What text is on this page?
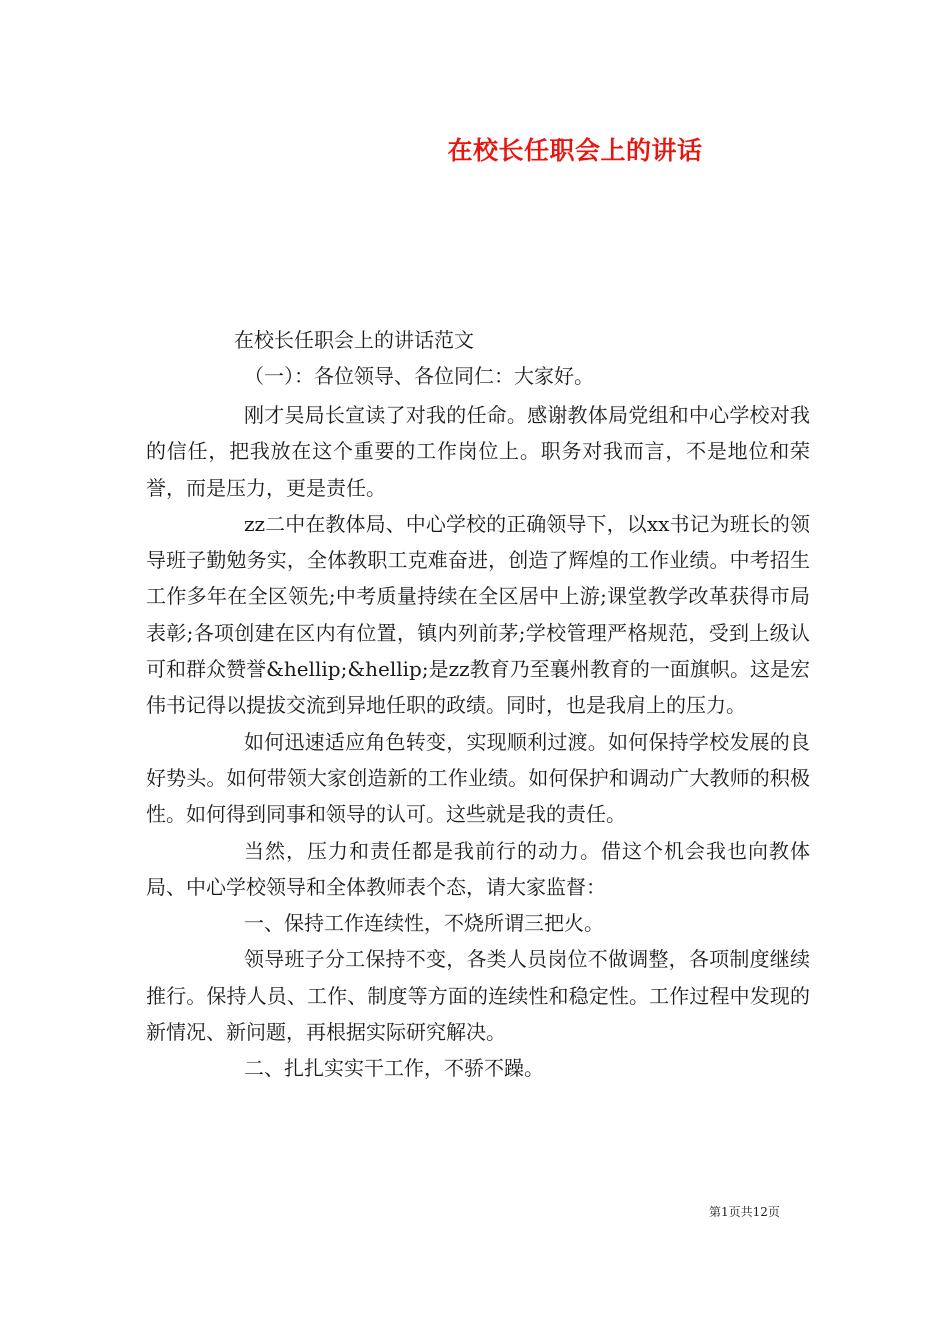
在校长任职会上的讲话
在校长任职会上的讲话范文
（一）：各位领导、各位同仁：大家好。

刚才吴局长宣读了对我的任命。感谢教体局党组和中心学校对我的信任，把我放在这个重要的工作岗位上。职务对我而言，不是地位和荣誉，而是压力，更是责任。

zz二中在教体局、中心学校的正确领导下，以xx书记为班长的领导班子勤勉务实，全体教职工克难奋进，创造了辉煌的工作业绩。中考招生工作多年在全区领先;中考质量持续在全区居中上游;课堂教学改革获得市局表彰;各项创建在区内有位置，镇内列前茅;学校管理严格规范，受到上级认可和群众赞誉&hellip;&hellip;是zz教育乃至襄州教育的一面旗帜。这是宏伟书记得以提拔交流到异地任职的政绩。同时，也是我肩上的压力。

如何迅速适应角色转变，实现顺利过渡。如何保持学校发展的良好势头。如何带领大家创造新的工作业绩。如何保护和调动广大教师的积极性。如何得到同事和领导的认可。这些就是我的责任。

当然，压力和责任都是我前行的动力。借这个机会我也向教体局、中心学校领导和全体教师表个态，请大家监督：

一、保持工作连续性，不烧所谓三把火。

领导班子分工保持不变，各类人员岗位不做调整，各项制度继续推行。保持人员、工作、制度等方面的连续性和稳定性。工作过程中发现的新情况、新问题，再根据实际研究解决。

二、扎扎实实干工作，不骄不躁。

第1页共12页
